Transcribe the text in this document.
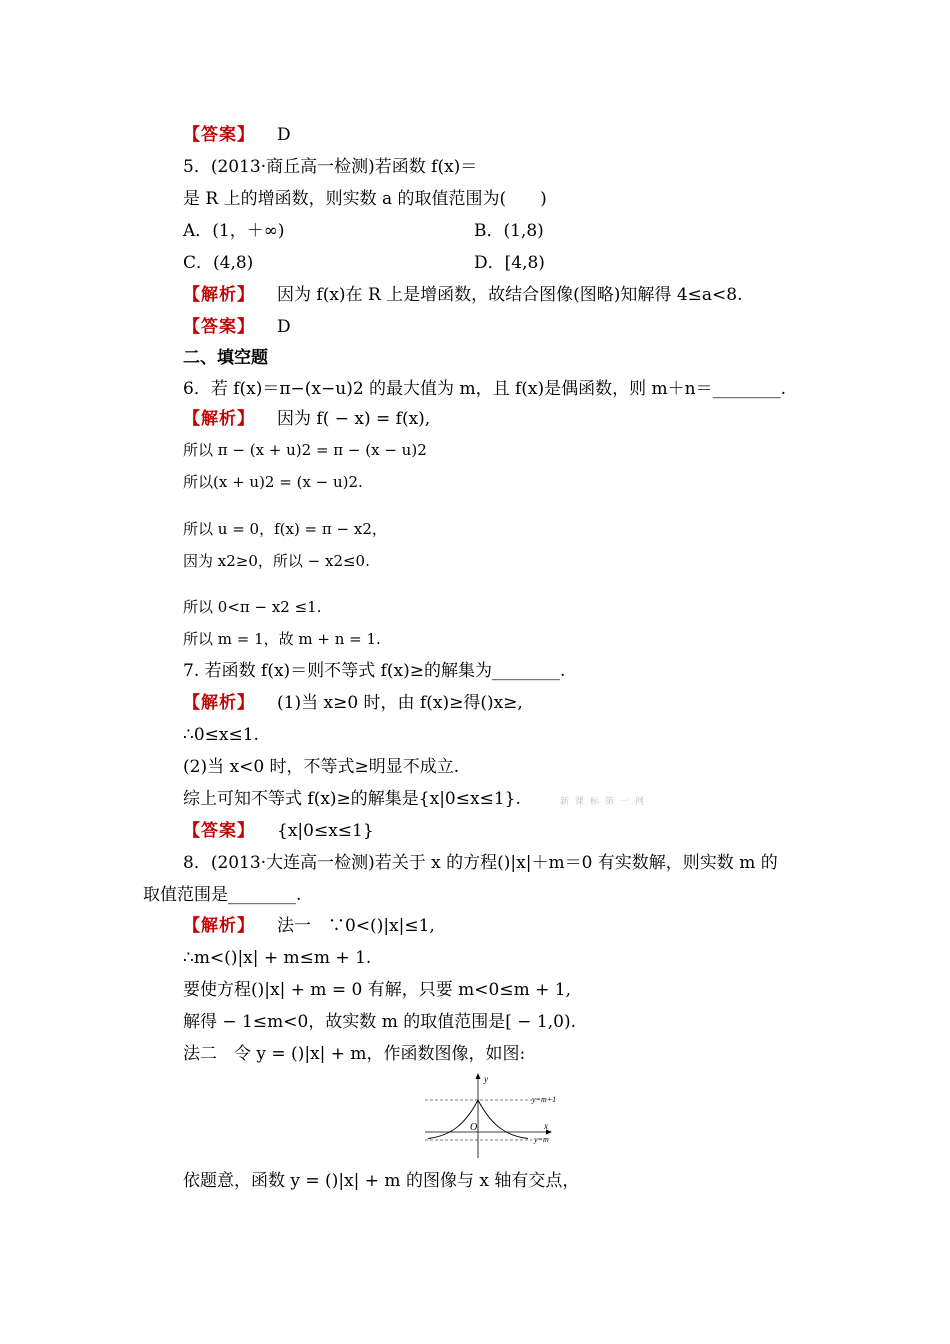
【答案】 D
5．(2013·商丘高一检测)若函数 f(x)＝
是 R 上的增函数，则实数 a 的取值范围为(　　)
A．(1，＋∞)	B．(1,8)
C．(4,8)	D．[4,8)
【解析】 因为 f(x)在 R 上是增函数，故结合图像(图略)知解得 4≤a<8.
【答案】 D
二、填空题
6．若 f(x)＝π−(x−u)2 的最大值为 m，且 f(x)是偶函数，则 m＋n＝________.
【解析】 因为 f( − x) = f(x),
所以 π − (x + u)2 = π − (x − u)2
所以(x + u)2 = (x − u)2.
所以 u = 0，f(x) = π − x2，
因为 x2≥0，所以 − x2≤0.
所以 0<π − x2 ≤1.
所以 m = 1，故 m + n = 1.
7. 若函数 f(x)＝则不等式 f(x)≥的解集为________.
【解析】 (1)当 x≥0 时，由 f(x)≥得()x≥,
∴0≤x≤1.
(2)当 x<0 时，不等式≥明显不成立.
综上可知不等式 f(x)≥的解集是{x|0≤x≤1}.	新课标第一网
【答案】 {x|0≤x≤1}
8．(2013·大连高一检测)若关于 x 的方程()|x|＋m＝0 有实数解，则实数 m 的
取值范围是________.
【解析】 法一　∵0<()|x|≤1,
∴m<()|x| + m≤m + 1.
要使方程()|x| + m = 0 有解，只要 m<0≤m + 1,
解得 − 1≤m<0，故实数 m 的取值范围是[ − 1,0).
法二　令 y = ()|x| + m，作函数图像，如图:
y
x
O
y=m+1
y=m
依题意，函数 y = ()|x| + m 的图像与 x 轴有交点，
